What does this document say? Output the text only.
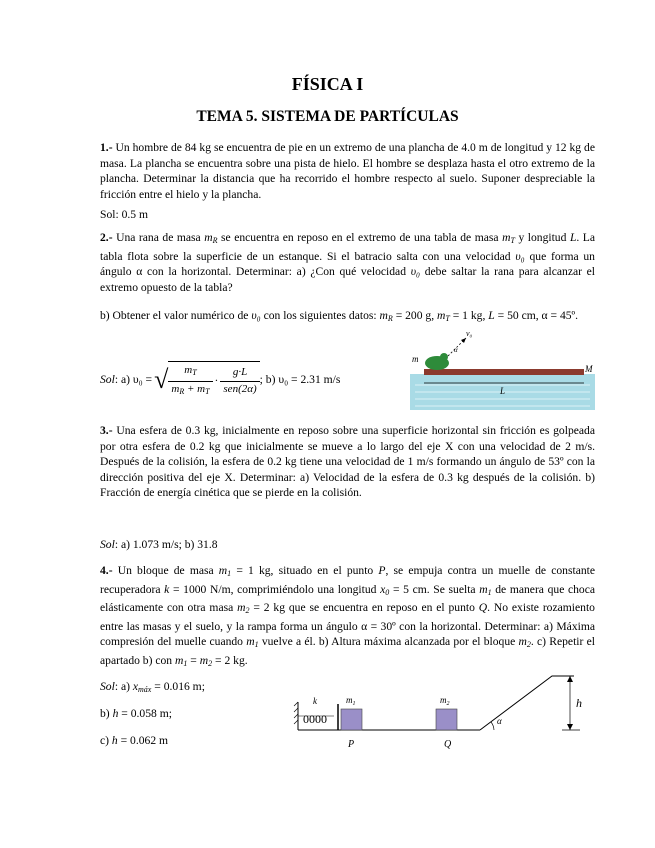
FÍSICA I
TEMA 5. SISTEMA DE PARTÍCULAS
1.- Un hombre de 84 kg se encuentra de pie en un extremo de una plancha de 4.0 m de longitud y 12 kg de masa. La plancha se encuentra sobre una pista de hielo. El hombre se desplaza hasta el otro extremo de la plancha. Determinar la distancia que ha recorrido el hombre respecto al suelo. Suponer despreciable la fricción entre el hielo y la plancha.
Sol: 0.5 m
2.- Una rana de masa $m_R$ se encuentra en reposo en el extremo de una tabla de masa $m_T$ y longitud L. La tabla flota sobre la superficie de un estanque. Si el batracio salta con una velocidad υ₀ que forma un ángulo α con la horizontal. Determinar: a) ¿Con qué velocidad υ₀ debe saltar la rana para alcanzar el extremo opuesto de la tabla?
b) Obtener el valor numérico de υ₀ con los siguientes datos: $m_R = 200$ g, $m_T = 1$ kg, L = 50 cm, α = 45º.
Sol : a) υ₀ = √ $\frac{m_T}{m_R + m_T} \cdot \frac{g\cdot L}{\text{sen(2α)}}$ ; b) υ₀ = 2.31 m/s
v₀
α
m
M
L
3.- Una esfera de 0.3 kg, inicialmente en reposo sobre una superficie horizontal sin fricción es golpeada por otra esfera de 0.2 kg que inicialmente se mueve a lo largo del eje X con una velocidad de 2 m/s. Después de la colisión, la esfera de 0.2 kg tiene una velocidad de 1 m/s formando un ángulo de 53º con la dirección positiva del eje X. Determinar: a) Velocidad de la esfera de 0.3 kg después de la colisión. b) Fracción de energía cinética que se pierde en la colisión.
Sol: a) 1.073 m/s; b) 31.8
4.- Un bloque de masa $m_1 = 1$ kg, situado en el punto P, se empuja contra un muelle de constante recuperadora k = 1000 N/m, comprimiéndolo una longitud $x_0 = 5$ cm. Se suelta $m_1$ de manera que choca elásticamente con otra masa $m_2 = 2$ kg que se encuentra en reposo en el punto Q. No existe rozamiento entre las masas y el suelo, y la rampa forma un ángulo α = 30º con la horizontal. Determinar: a) Máxima compresión del muelle cuando $m_1$ vuelve a él. b) Altura máxima alcanzada por el bloque $m_2$. c) Repetir el apartado b) con $m_1 = m_2 = 2$ kg.
Sol: a) $x_{máx} = 0.016$ m;
b) h = 0.058 m;
c) h = 0.062 m
0000
k	$m_1$
P
$m_2$
Q
α
h
